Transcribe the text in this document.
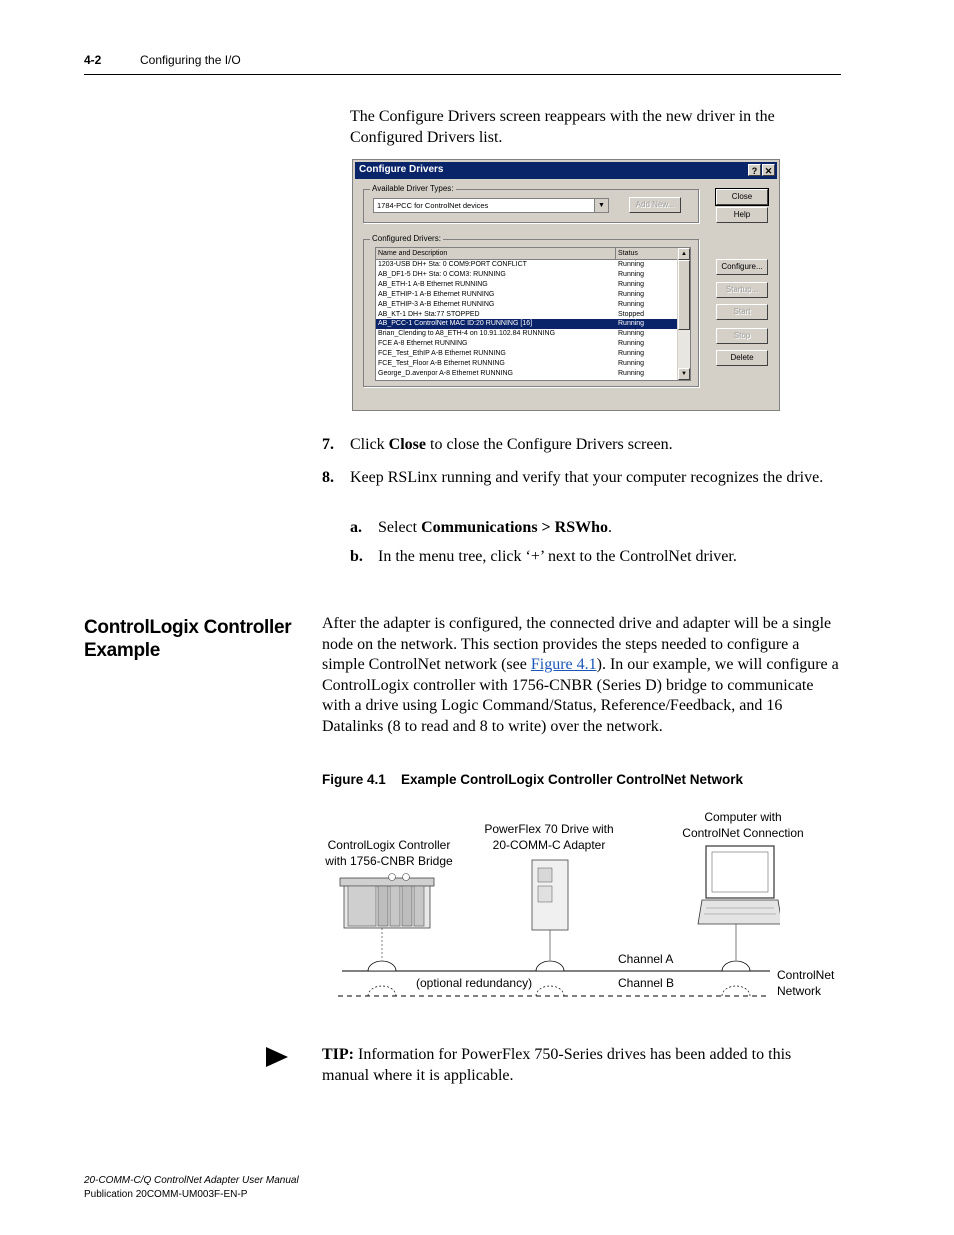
4-2	Configuring the I/O
The Configure Drivers screen reappears with the new driver in the Configured Drivers list.
Configure Drivers	? ✕
Available Driver Types:
1784-PCC for ControlNet devices	▼	Add New...
Configured Drivers:
Name and Description	Status
1203-USB DH+ Sta: 0 COM9:PORT CONFLICT	Running
AB_DF1-5 DH+ Sta: 0 COM3: RUNNING	Running
AB_ETH-1 A-B Ethernet RUNNING	Running
AB_ETHIP-1 A-B Ethernet RUNNING	Running
AB_ETHIP-3 A-B Ethernet RUNNING	Running
AB_KT-1 DH+ Sta:77 STOPPED	Stopped
AB_PCC-1 ControlNet MAC ID:20 RUNNING [16]	Running
Brian_Clending to A8_ETH-4 on 10.91.102.84 RUNNING	Running
FCE A-8 Ethernet RUNNING	Running
FCE_Test_EthIP A-B Ethernet RUNNING	Running
FCE_Test_Floor A-B Ethernet RUNNING	Running
George_D.avenpor A-8 Ethernet RUNNING	Running
▲
▼
Close
Help
Configure...
Startup...
Start
Stop
Delete
7. Click Close to close the Configure Drivers screen.
8. Keep RSLinx running and verify that your computer recognizes the drive.
a. Select Communications > RSWho.
b. In the menu tree, click ‘+’ next to the ControlNet driver.
ControlLogix Controller Example
After the adapter is configured, the connected drive and adapter will be a single node on the network. This section provides the steps needed to configure a simple ControlNet network (see Figure 4.1). In our example, we will configure a ControlLogix controller with 1756-CNBR (Series D) bridge to communicate with a drive using Logic Command/Status, Reference/Feedback, and 16 Datalinks (8 to read and 8 to write) over the network.
Figure 4.1 Example ControlLogix Controller ControlNet Network
ControlLogix Controller
with 1756-CNBR Bridge
PowerFlex 70 Drive with
20-COMM-C Adapter
Computer with
ControlNet Connection
Channel A
Channel B
(optional redundancy)
ControlNet
Network
TIP: Information for PowerFlex 750-Series drives has been added to this manual where it is applicable.
20-COMM-C/Q ControlNet Adapter User Manual
Publication 20COMM-UM003F-EN-P
